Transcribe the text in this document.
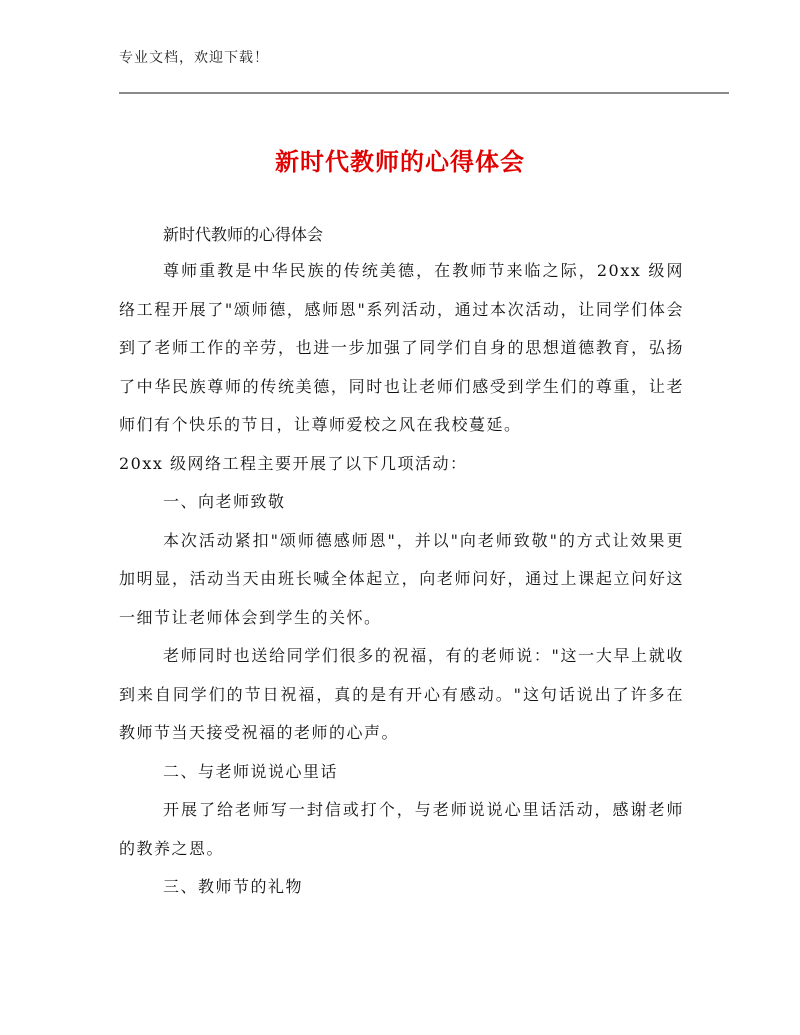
专业文档，欢迎下载！
新时代教师的心得体会
新时代教师的心得体会

尊师重教是中华民族的传统美德，在教师节来临之际，20xx 级网络工程开展了"颂师德，感师恩"系列活动，通过本次活动，让同学们体会到了老师工作的辛劳，也进一步加强了同学们自身的思想道德教育，弘扬了中华民族尊师的传统美德，同时也让老师们感受到学生们的尊重，让老师们有个快乐的节日，让尊师爱校之风在我校蔓延。

20xx 级网络工程主要开展了以下几项活动：

一、向老师致敬

本次活动紧扣"颂师德感师恩"，并以"向老师致敬"的方式让效果更加明显，活动当天由班长喊全体起立，向老师问好，通过上课起立问好这一细节让老师体会到学生的关怀。

老师同时也送给同学们很多的祝福，有的老师说："这一大早上就收到来自同学们的节日祝福，真的是有开心有感动。"这句话说出了许多在教师节当天接受祝福的老师的心声。

二、与老师说说心里话

开展了给老师写一封信或打个，与老师说说心里话活动，感谢老师的教养之恩。

三、教师节的礼物
